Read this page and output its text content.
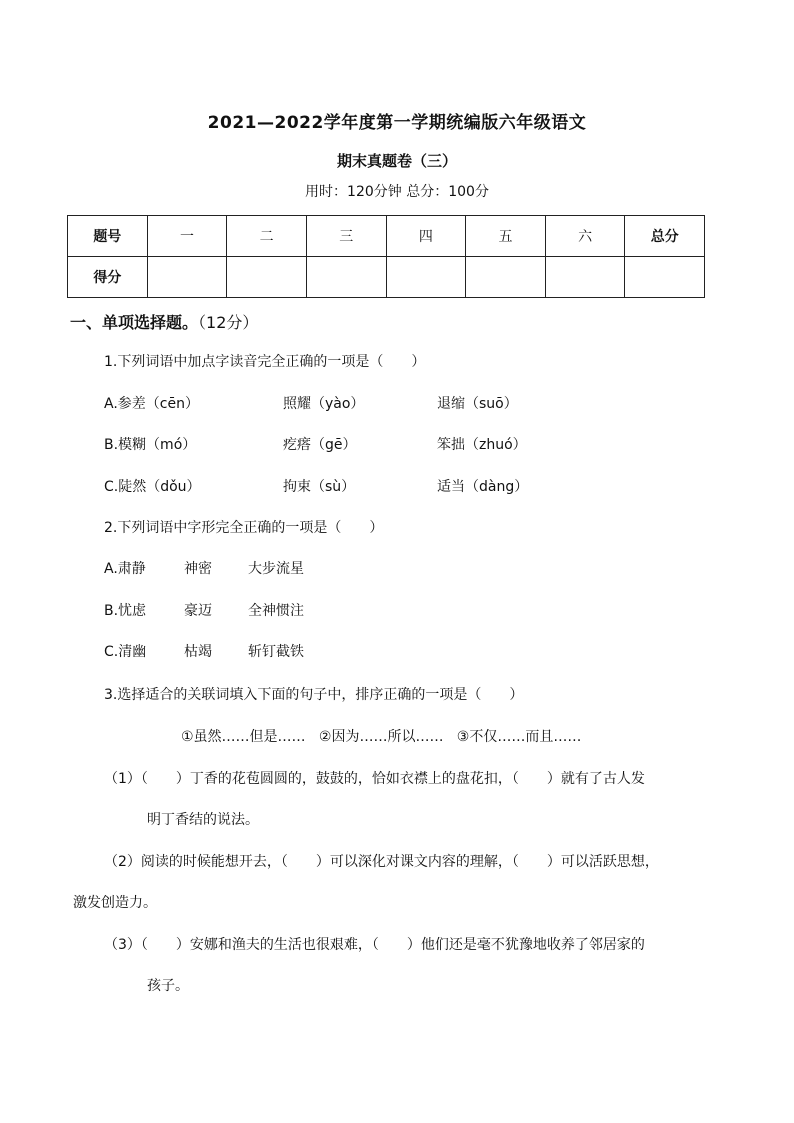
2021—2022学年度第一学期统编版六年级语文
期末真题卷（三）
用时：120分钟 总分：100分
题号	一	二	三	四	五	六	总分
得分							
一、单项选择题。（12分）
1.下列词语中加点字读音完全正确的一项是（　　）
A.参差（cēn）	照耀（yào）	退缩（suō）
B.模糊（mó）	疙瘩（gē）	笨拙（zhuó）
C.陡然（dǒu）	拘束（sù）	适当（dàng）
2.下列词语中字形完全正确的一项是（　　）
A.肃静	神密	大步流星
B.忧虑	豪迈	全神惯注
C.清幽	枯竭	斩钉截铁
3.选择适合的关联词填入下面的句子中，排序正确的一项是（　　）
①虽然……但是……   ②因为……所以……   ③不仅……而且……
（1）（　　）丁香的花苞圆圆的，鼓鼓的，恰如衣襟上的盘花扣，（　　）就有了古人发
明丁香结的说法。
（2）阅读的时候能想开去，（　　）可以深化对课文内容的理解，（　　）可以活跃思想，
激发创造力。
（3）（　　）安娜和渔夫的生活也很艰难，（　　）他们还是毫不犹豫地收养了邻居家的
孩子。
